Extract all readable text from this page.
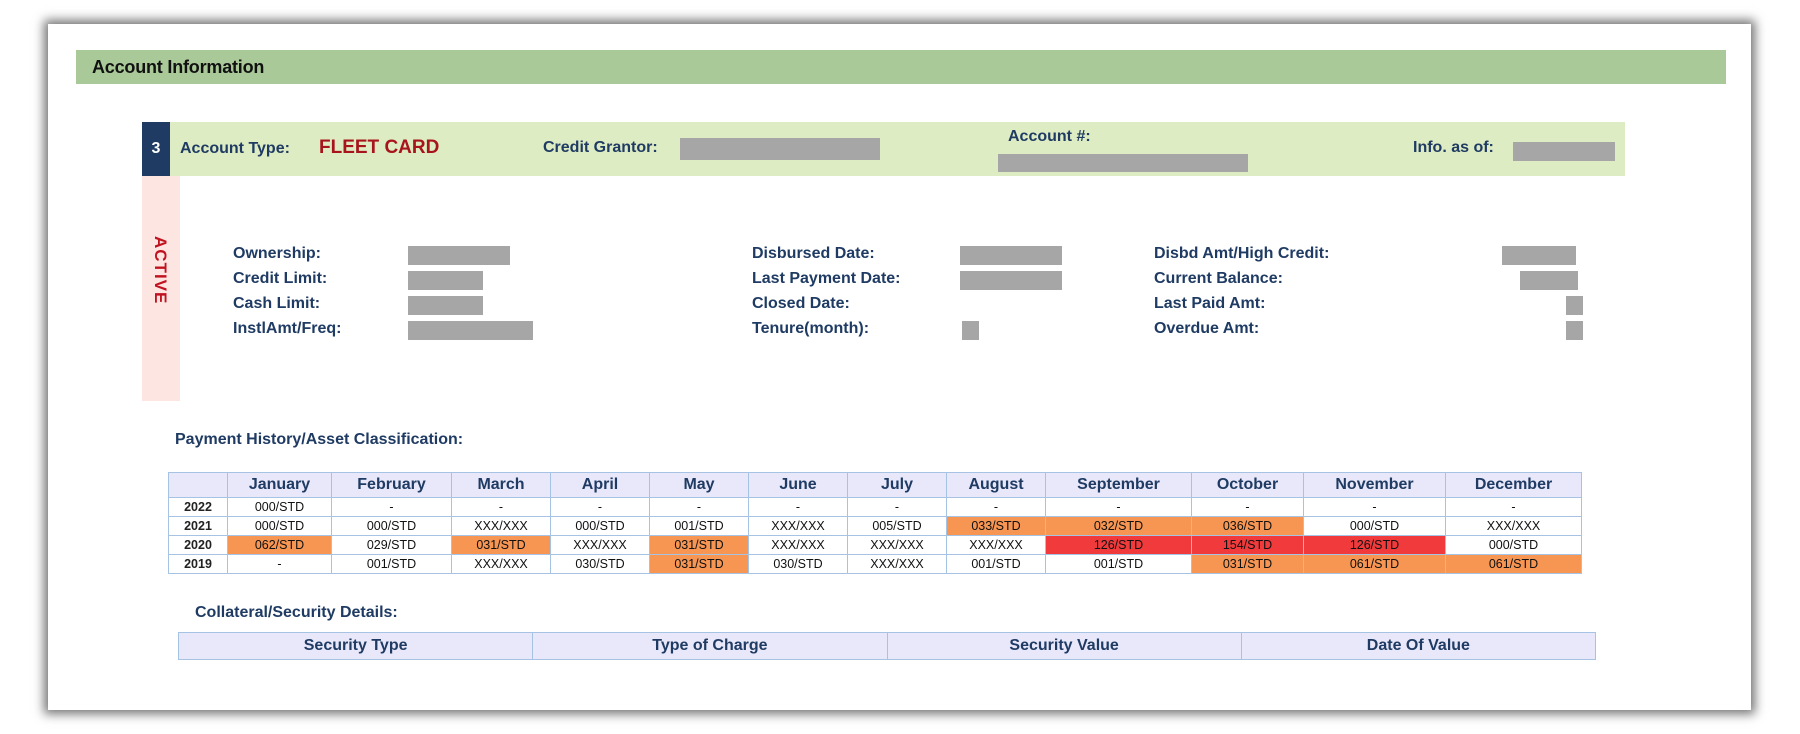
Account Information
3	Account Type: FLEET CARD	Credit Grantor:
Account #:
Info. as of:
ACTIVE	Ownership:
Credit Limit:
Cash Limit:
InstlAmt/Freq:
Disbursed Date:
Last Payment Date:
Closed Date:
Tenure(month):
Disbd Amt/High Credit:
Current Balance:
Last Paid Amt:
Overdue Amt:
Payment History/Asset Classification:
	January	February	March	April	May	June	July	August	September	October	November	December
2022	000/STD	-	-	-	-	-	-	-	-	-	-	-
2021	000/STD	000/STD	XXX/XXX	000/STD	001/STD	XXX/XXX	005/STD	033/STD	032/STD	036/STD	000/STD	XXX/XXX
2020	062/STD	029/STD	031/STD	XXX/XXX	031/STD	XXX/XXX	XXX/XXX	XXX/XXX	126/STD	154/STD	126/STD	000/STD
2019	-	001/STD	XXX/XXX	030/STD	031/STD	030/STD	XXX/XXX	001/STD	001/STD	031/STD	061/STD	061/STD
Collateral/Security Details:
Security Type	Type of Charge	Security Value	Date Of Value
